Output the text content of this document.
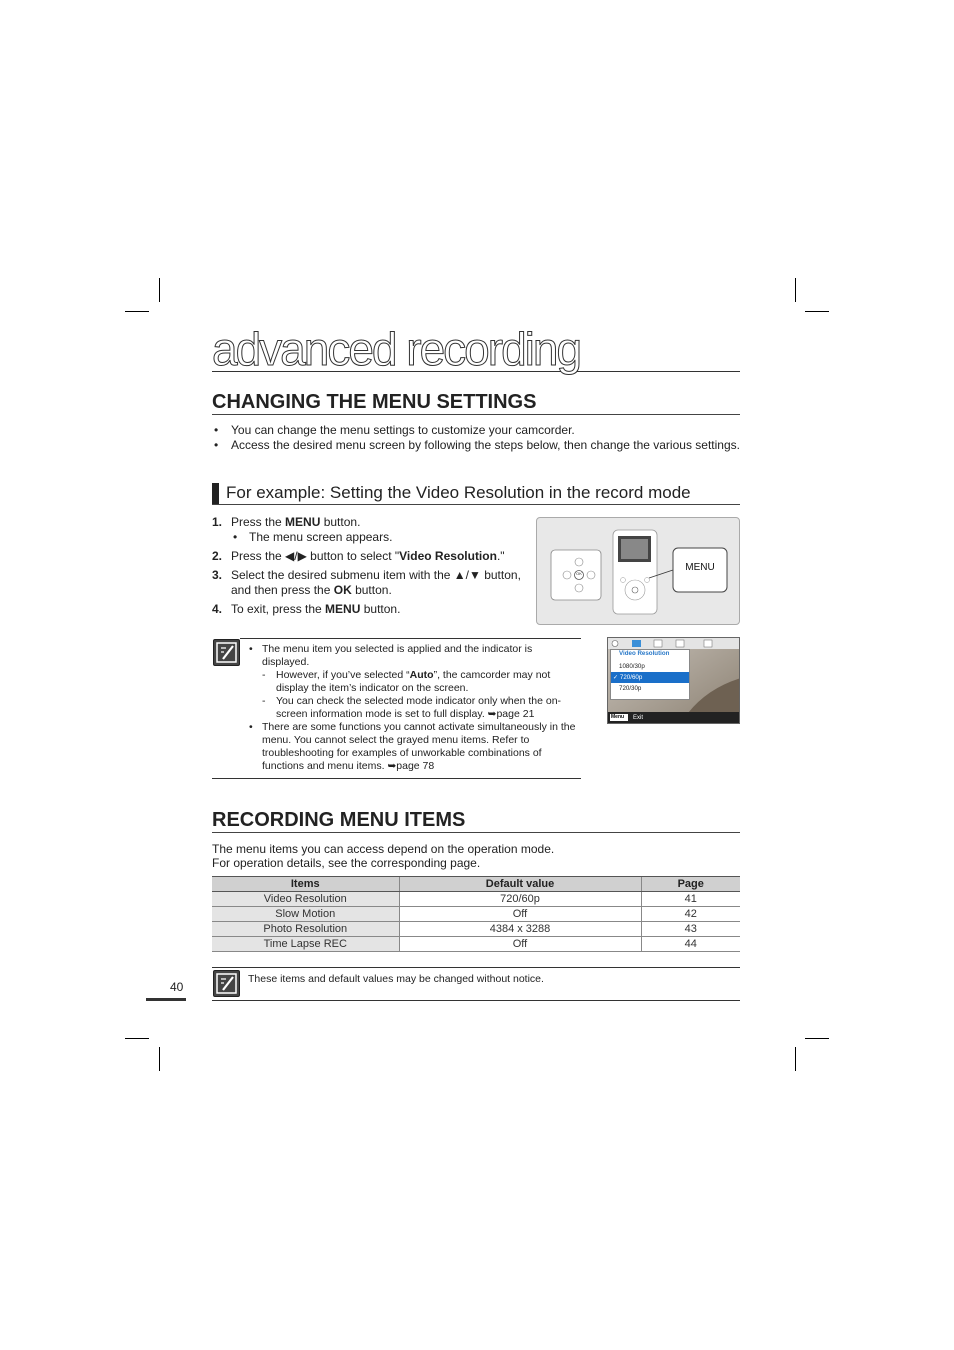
advanced recording
CHANGING THE MENU SETTINGS
• You can change the menu settings to customize your camcorder.
• Access the desired menu screen by following the steps below, then change the various settings.
For example: Setting the Video Resolution in the record mode
1. Press the MENU button.
• The menu screen appears.
2. Press the ◀/▶ button to select "Video Resolution."
3. Select the desired submenu item with the ▲/▼ button, and then press the OK button.
4. To exit, press the MENU button.
MENU
OK
• The menu item you selected is applied and the indicator is displayed.
- However, if you’ve selected “Auto”, the camcorder may not display the item’s indicator on the screen.
- You can check the selected mode indicator only when the on-screen information mode is set to full display. ➥page 21
• There are some functions you cannot activate simultaneously in the menu. You cannot select the grayed menu items. Refer to troubleshooting for examples of unworkable combinations of functions and menu items. ➥page 78
Video Resolution
1080/30p
✓ 720/60p
720/30p
Menu Exit
RECORDING MENU ITEMS
The menu items you can access depend on the operation mode.
For operation details, see the corresponding page.
Items	Default value	Page
Video Resolution	720/60p	41
Slow Motion	Off	42
Photo Resolution	4384 x 3288	43
Time Lapse REC	Off	44
These items and default values may be changed without notice.
40
